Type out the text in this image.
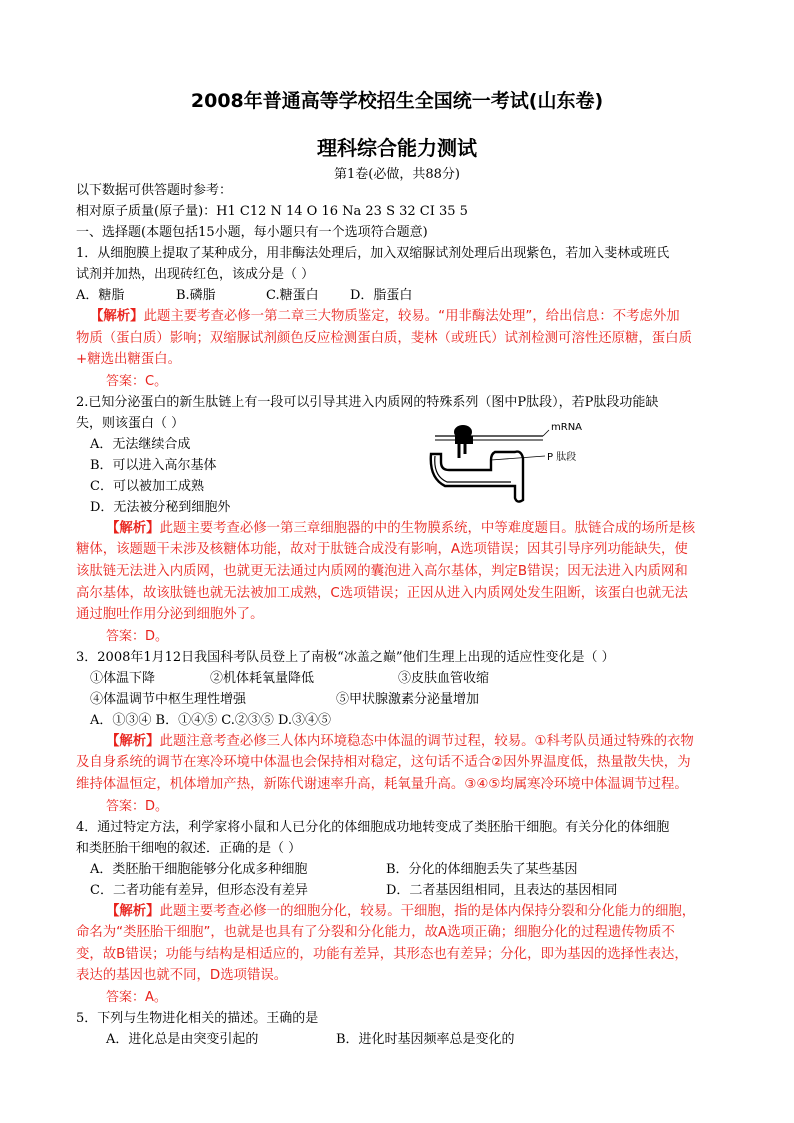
2008年普通高等学校招生全国统一考试(山东卷)
理科综合能力测试
第1卷(必做，共88分)
以下数据可供答题时参考：
相对原子质量(原子量)：H1 C12 N 14 O 16 Na 23 S 32 CI 35 5
一、选择题(本题包括15小题，每小题只有一个选项符合题意)
1．从细胞膜上提取了某种成分，用非酶法处理后，加入双缩脲试剂处理后出现紫色，若加入斐林或班氏
试剂并加热，出现砖红色，该成分是（ ）
A．糖脂	B.磷脂	C.糖蛋白	D．脂蛋白
【解析】此题主要考查必修一第二章三大物质鉴定，较易。“用非酶法处理”，给出信息：不考虑外加
物质（蛋白质）影响；双缩脲试剂颜色反应检测蛋白质，斐林（或班氏）试剂检测可溶性还原糖，蛋白质
+糖选出糖蛋白。
答案：C。
2.已知分泌蛋白的新生肽链上有一段可以引导其进入内质网的特殊系列（图中P肽段），若P肽段功能缺
失，则该蛋白（ ）
A．无法继续合成
B．可以进入高尔基体
C．可以被加工成熟
D．无法被分秘到细胞外
【解析】此题主要考查必修一第三章细胞器的中的生物膜系统，中等难度题目。肽链合成的场所是核
糖体，该题题干未涉及核糖体功能，故对于肽链合成没有影响，A选项错误；因其引导序列功能缺失，使
该肽链无法进入内质网，也就更无法通过内质网的囊泡进入高尔基体，判定B错误；因无法进入内质网和
高尔基体，故该肽链也就无法被加工成熟，C选项错误；正因从进入内质网处发生阻断，该蛋白也就无法
通过胞吐作用分泌到细胞外了。
答案：D。
3．2008年1月12日我国科考队员登上了南极“冰盖之巅”他们生理上出现的适应性变化是（ ）
①体温下降	②机体耗氧量降低	③皮肤血管收缩
④体温调节中枢生理性增强	⑤甲状腺激素分泌量增加
A．①③④ B．①④⑤ C.②③⑤ D.③④⑤
【解析】此题注意考查必修三人体内环境稳态中体温的调节过程，较易。①科考队员通过特殊的衣物
及自身系统的调节在寒冷环境中体温也会保持相对稳定，这句话不适合②因外界温度低，热量散失快，为
维持体温恒定，机体增加产热，新陈代谢速率升高，耗氧量升高。③④⑤均属寒冷环境中体温调节过程。
答案：D。
4．通过特定方法，利学家将小鼠和人已分化的体细胞成功地转变成了类胚胎干细胞。有关分化的体细胞
和类胚胎干细咆的叙述．正确的是（ ）
A．类胚胎干细胞能够分化成多种细胞	B．分化的体细胞丢失了某些基因
C．二者功能有差异，但形态没有差异	D．二者基因组相同，且表达的基因相同
【解析】此题主要考查必修一的细胞分化，较易。干细胞，指的是体内保持分裂和分化能力的细胞，
命名为“类胚胎干细胞”，也就是也具有了分裂和分化能力，故A选项正确；细胞分化的过程遗传物质不
变，故B错误；功能与结构是相适应的，功能有差异，其形态也有差异；分化，即为基因的选择性表达，
表达的基因也就不同，D选项错误。
答案：A。
5．下列与生物进化相关的描述。王确的是
A．进化总是由突变引起的	B．进化时基因频率总是变化的
mRNA
P 肽段
